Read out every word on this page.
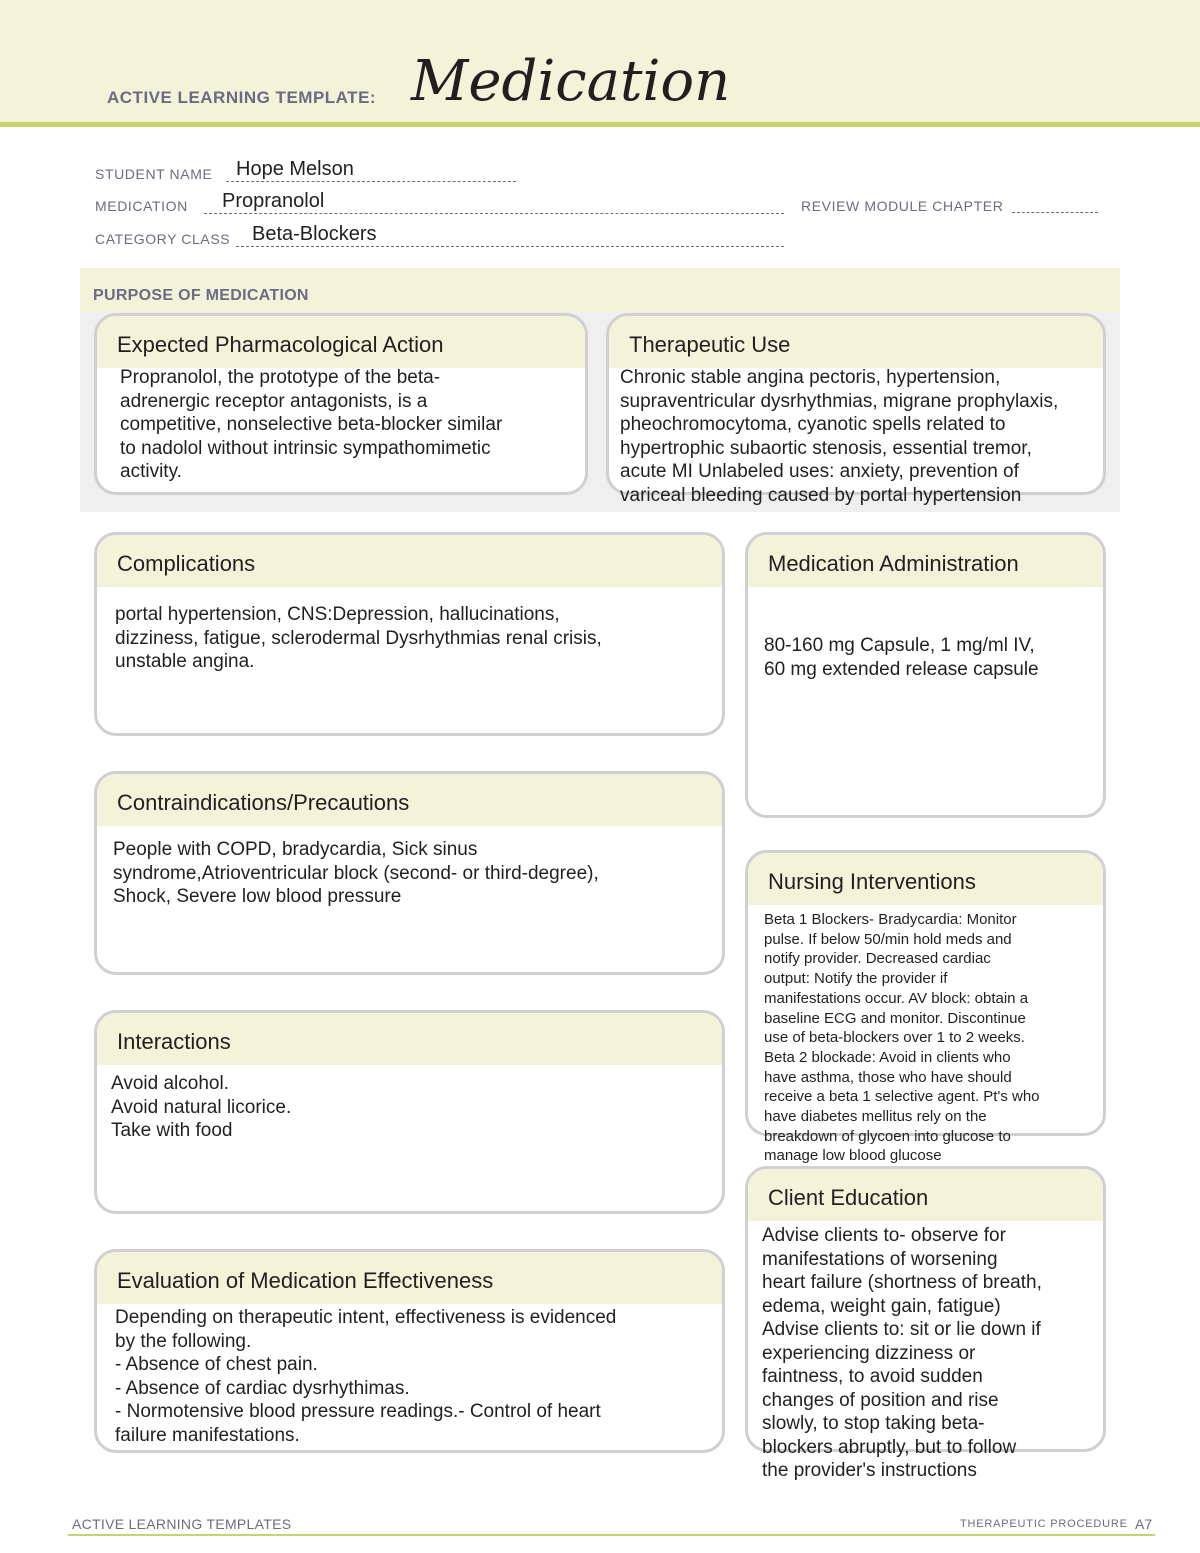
ACTIVE LEARNING TEMPLATE: Medication
STUDENT NAME	Hope Melson
MEDICATION	Propranolol	REVIEW MODULE CHAPTER
CATEGORY CLASS	Beta-Blockers
PURPOSE OF MEDICATION
Expected Pharmacological Action
Propranolol, the prototype of the beta-
adrenergic receptor antagonists, is a
competitive, nonselective beta-blocker similar
to nadolol without intrinsic sympathomimetic
activity.
Therapeutic Use
Chronic stable angina pectoris, hypertension,
supraventricular dysrhythmias, migrane prophylaxis,
pheochromocytoma, cyanotic spells related to
hypertrophic subaortic stenosis, essential tremor,
acute MI Unlabeled uses: anxiety, prevention of
variceal bleeding caused by portal hypertension
Complications
portal hypertension, CNS:Depression, hallucinations,
dizziness, fatigue, sclerodermal Dysrhythmias renal crisis,
unstable angina.
Medication Administration
80-160 mg Capsule, 1 mg/ml IV,
60 mg extended release capsule
Contraindications/Precautions
People with COPD, bradycardia, Sick sinus
syndrome,Atrioventricular block (second- or third-degree),
Shock, Severe low blood pressure
Nursing Interventions
Beta 1 Blockers- Bradycardia: Monitor
pulse. If below 50/min hold meds and
notify provider. Decreased cardiac
output: Notify the provider if
manifestations occur. AV block: obtain a
baseline ECG and monitor. Discontinue
use of beta-blockers over 1 to 2 weeks.
Beta 2 blockade: Avoid in clients who
have asthma, those who have should
receive a beta 1 selective agent. Pt's who
have diabetes mellitus rely on the
breakdown of glycoen into glucose to
manage low blood glucose
Interactions
Avoid alcohol.
Avoid natural licorice.
Take with food
Client Education
Advise clients to- observe for
manifestations of worsening
heart failure (shortness of breath,
edema, weight gain, fatigue)
Advise clients to: sit or lie down if
experiencing dizziness or
faintness, to avoid sudden
changes of position and rise
slowly, to stop taking beta-
blockers abruptly, but to follow
the provider's instructions
Evaluation of Medication Effectiveness
Depending on therapeutic intent, effectiveness is evidenced
by the following.
- Absence of chest pain.
- Absence of cardiac dysrhythimas.
- Normotensive blood pressure readings.- Control of heart
failure manifestations.
ACTIVE LEARNING TEMPLATES	THERAPEUTIC PROCEDURE A7
